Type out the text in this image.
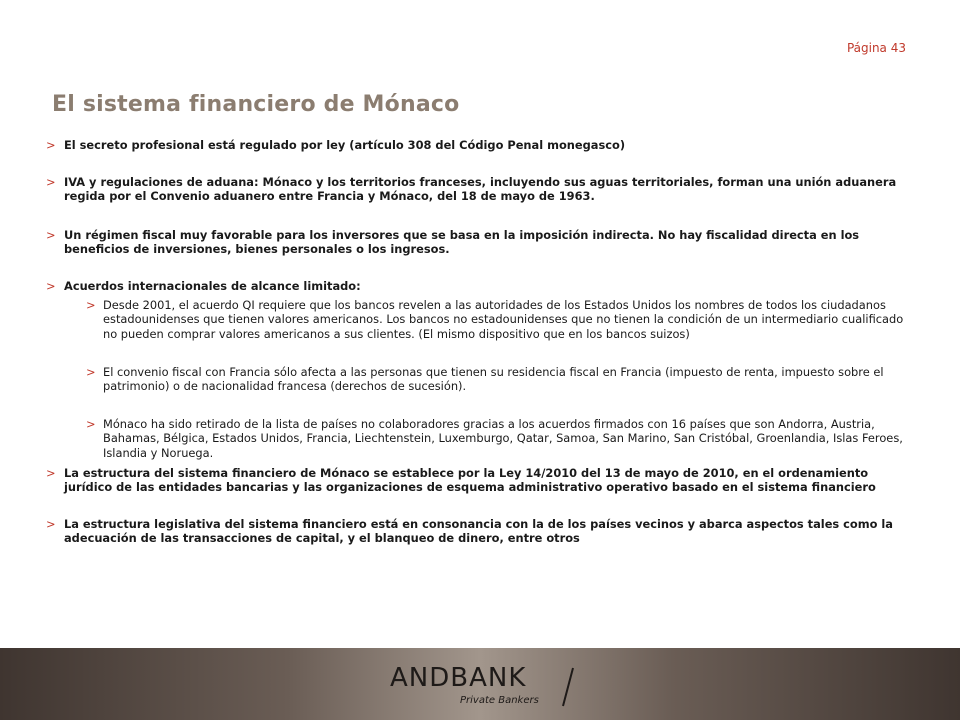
Página 43
El sistema financiero de Mónaco
> El secreto profesional está regulado por ley (artículo 308 del Código Penal monegasco)
> IVA y regulaciones de aduana: Mónaco y los territorios franceses, incluyendo sus aguas territoriales, forman una unión aduanera regida por el Convenio aduanero entre Francia y Mónaco, del 18 de mayo de 1963.
> Un régimen fiscal muy favorable para los inversores que se basa en la imposición indirecta. No hay fiscalidad directa en los beneficios de inversiones, bienes personales o los ingresos.
> Acuerdos internacionales de alcance limitado:
> Desde 2001, el acuerdo QI requiere que los bancos revelen a las autoridades de los Estados Unidos los nombres de todos los ciudadanos estadounidenses que tienen valores americanos. Los bancos no estadounidenses que no tienen la condición de un intermediario cualificado no pueden comprar valores americanos a sus clientes. (El mismo dispositivo que en los bancos suizos)
> El convenio fiscal con Francia sólo afecta a las personas que tienen su residencia fiscal en Francia (impuesto de renta, impuesto sobre el patrimonio) o de nacionalidad francesa (derechos de sucesión).
> Mónaco ha sido retirado de la lista de países no colaboradores gracias a los acuerdos firmados con 16 países que son Andorra, Austria, Bahamas, Bélgica, Estados Unidos, Francia, Liechtenstein, Luxemburgo, Qatar, Samoa, San Marino, San Cristóbal, Groenlandia, Islas Feroes, Islandia y Noruega.
> La estructura del sistema financiero de Mónaco se establece por la Ley 14/2010 del 13 de mayo de 2010, en el ordenamiento jurídico de las entidades bancarias y las organizaciones de esquema administrativo operativo basado en el sistema financiero
> La estructura legislativa del sistema financiero está en consonancia con la de los países vecinos y abarca aspectos tales como la adecuación de las transacciones de capital, y el blanqueo de dinero, entre otros
ANDBANK
Private Bankers
